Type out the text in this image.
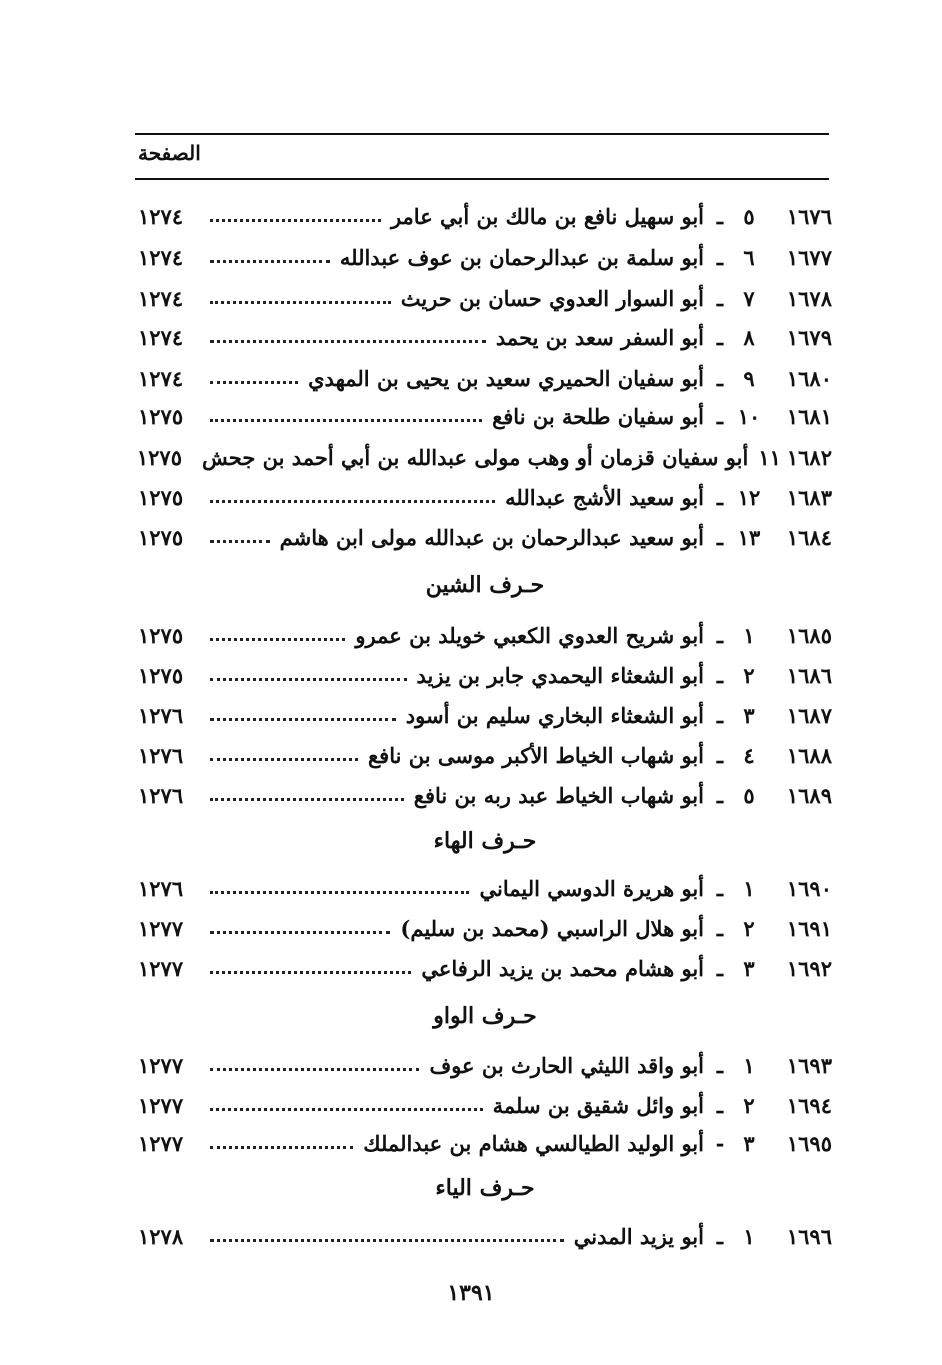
الصفحة
١٦٧٦
٥
ـ
أبو سهيل نافع بن مالك بن أبي عامر
١٢٧٤
١٦٧٧
٦
ـ
أبو سلمة بن عبدالرحمان بن عوف عبدالله
١٢٧٤
١٦٧٨
٧
ـ
أبو السوار العدوي حسان بن حريث
١٢٧٤
١٦٧٩
٨
ـ
أبو السفر سعد بن يحمد
١٢٧٤
١٦٨٠
٩
ـ
أبو سفيان الحميري سعيد بن يحيى بن المهدي
١٢٧٤
١٦٨١
١٠
ـ
أبو سفيان طلحة بن نافع
١٢٧٥
١٦٨٢
١١
أبو سفيان قزمان أو وهب مولى عبدالله بن أبي أحمد بن جحش
١٢٧٥
١٦٨٣
١٢
ـ
أبو سعيد الأشج عبدالله
١٢٧٥
١٦٨٤
١٣
ـ
أبو سعيد عبدالرحمان بن عبدالله مولى ابن هاشم
١٢٧٥
حـرف الشين
١٦٨٥
١
ـ
أبو شريح العدوي الكعبي خويلد بن عمرو
١٢٧٥
١٦٨٦
٢
ـ
أبو الشعثاء اليحمدي جابر بن يزيد
١٢٧٥
١٦٨٧
٣
ـ
أبو الشعثاء البخاري سليم بن أسود
١٢٧٦
١٦٨٨
٤
ـ
أبو شهاب الخياط الأكبر موسى بن نافع
١٢٧٦
١٦٨٩
٥
ـ
أبو شهاب الخياط عبد ربه بن نافع
١٢٧٦
حـرف الهاء
١٦٩٠
١
ـ
أبو هريرة الدوسي اليماني
١٢٧٦
١٦٩١
٢
ـ
أبو هلال الراسبي (محمد بن سليم)
١٢٧٧
١٦٩٢
٣
ـ
أبو هشام محمد بن يزيد الرفاعي
١٢٧٧
حـرف الواو
١٦٩٣
١
ـ
أبو واقد الليثي الحارث بن عوف
١٢٧٧
١٦٩٤
٢
ـ
أبو وائل شقيق بن سلمة
١٢٧٧
١٦٩٥
٣
-
أبو الوليد الطيالسي هشام بن عبدالملك
١٢٧٧
حـرف الياء
١٦٩٦
١
ـ
أبو يزيد المدني
١٢٧٨
١٣٩١
